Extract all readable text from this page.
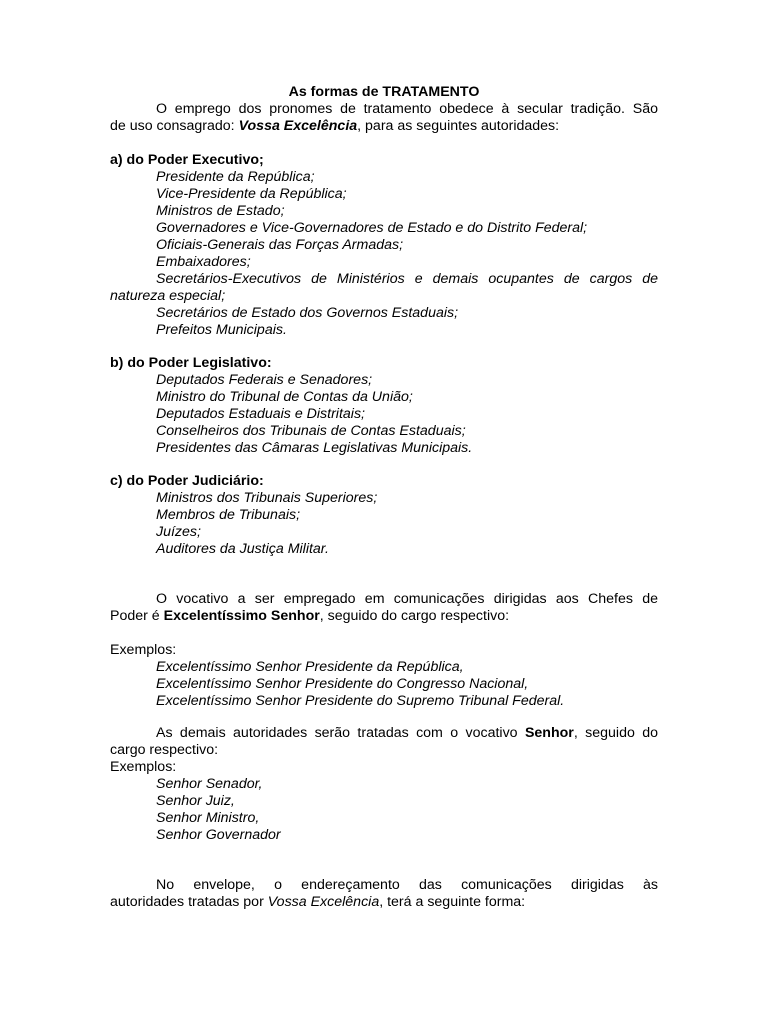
As formas de TRATAMENTO
O emprego dos pronomes de tratamento obedece à secular tradição. São
de uso consagrado: Vossa Excelência, para as seguintes autoridades:
a) do Poder Executivo;
Presidente da República;
Vice-Presidente da República;
Ministros de Estado;
Governadores e Vice-Governadores de Estado e do Distrito Federal;
Oficiais-Generais das Forças Armadas;
Embaixadores;
Secretários-Executivos de Ministérios e demais ocupantes de cargos de
natureza especial;
Secretários de Estado dos Governos Estaduais;
Prefeitos Municipais.
b) do Poder Legislativo:
Deputados Federais e Senadores;
Ministro do Tribunal de Contas da União;
Deputados Estaduais e Distritais;
Conselheiros dos Tribunais de Contas Estaduais;
Presidentes das Câmaras Legislativas Municipais.
c) do Poder Judiciário:
Ministros dos Tribunais Superiores;
Membros de Tribunais;
Juízes;
Auditores da Justiça Militar.
O vocativo a ser empregado em comunicações dirigidas aos Chefes de
Poder é Excelentíssimo Senhor, seguido do cargo respectivo:
Exemplos:
Excelentíssimo Senhor Presidente da República,
Excelentíssimo Senhor Presidente do Congresso Nacional,
Excelentíssimo Senhor Presidente do Supremo Tribunal Federal.
As demais autoridades serão tratadas com o vocativo Senhor, seguido do
cargo respectivo:
Exemplos:
Senhor Senador,
Senhor Juiz,
Senhor Ministro,
Senhor Governador
No envelope, o endereçamento das comunicações dirigidas às
autoridades tratadas por Vossa Excelência, terá a seguinte forma:
